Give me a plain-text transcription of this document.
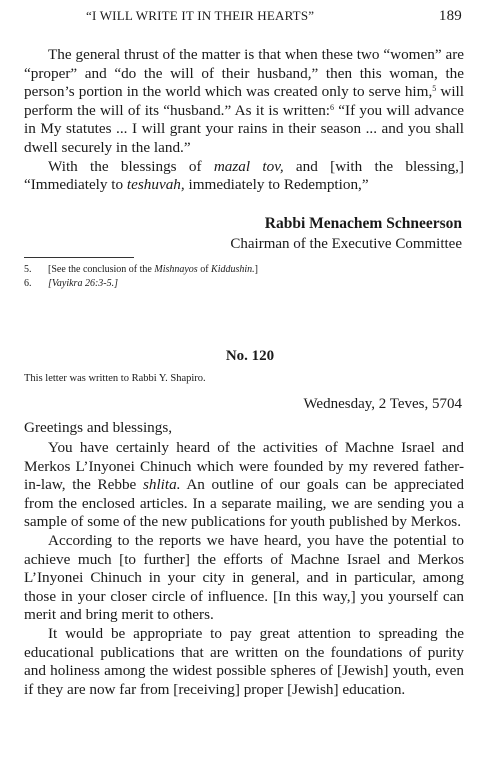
“I WILL WRITE IT IN THEIR HEARTS”	189

The general thrust of the matter is that when these two “women” are “proper” and “do the will of their husband,” then this woman, the person’s portion in the world which was created only to serve him,$^5$ will perform the will of its “husband.” As it is written:$^6$ “If you will advance in My statutes ... I will grant your rains in their season ... and you shall dwell securely in the land.”

With the blessings of mazal tov, and [with the blessing,] “Immediately to teshuvah, immediately to Redemption,”

Rabbi Menachem Schneerson
Chairman of the Executive Committee
5.	[See the conclusion of the Mishnayos of Kiddushin.]
6.	[Vayikra 26:3-5.]
No. 120
This letter was written to Rabbi Y. Shapiro.
Wednesday, 2 Teves, 5704
Greetings and blessings,

You have certainly heard of the activities of Machne Israel and Merkos L’Inyonei Chinuch which were founded by my revered father-in-law, the Rebbe shlita. An outline of our goals can be appreciated from the enclosed articles. In a separate mailing, we are sending you a sample of some of the new publications for youth published by Merkos.

According to the reports we have heard, you have the potential to achieve much [to further] the efforts of Machne Israel and Merkos L’Inyonei Chinuch in your city in general, and in particular, among those in your closer circle of influence. [In this way,] you yourself can merit and bring merit to others.

It would be appropriate to pay great attention to spreading the educational publications that are written on the foundations of purity and holiness among the widest possible spheres of [Jewish] youth, even if they are now far from [receiving] proper [Jewish] education.
